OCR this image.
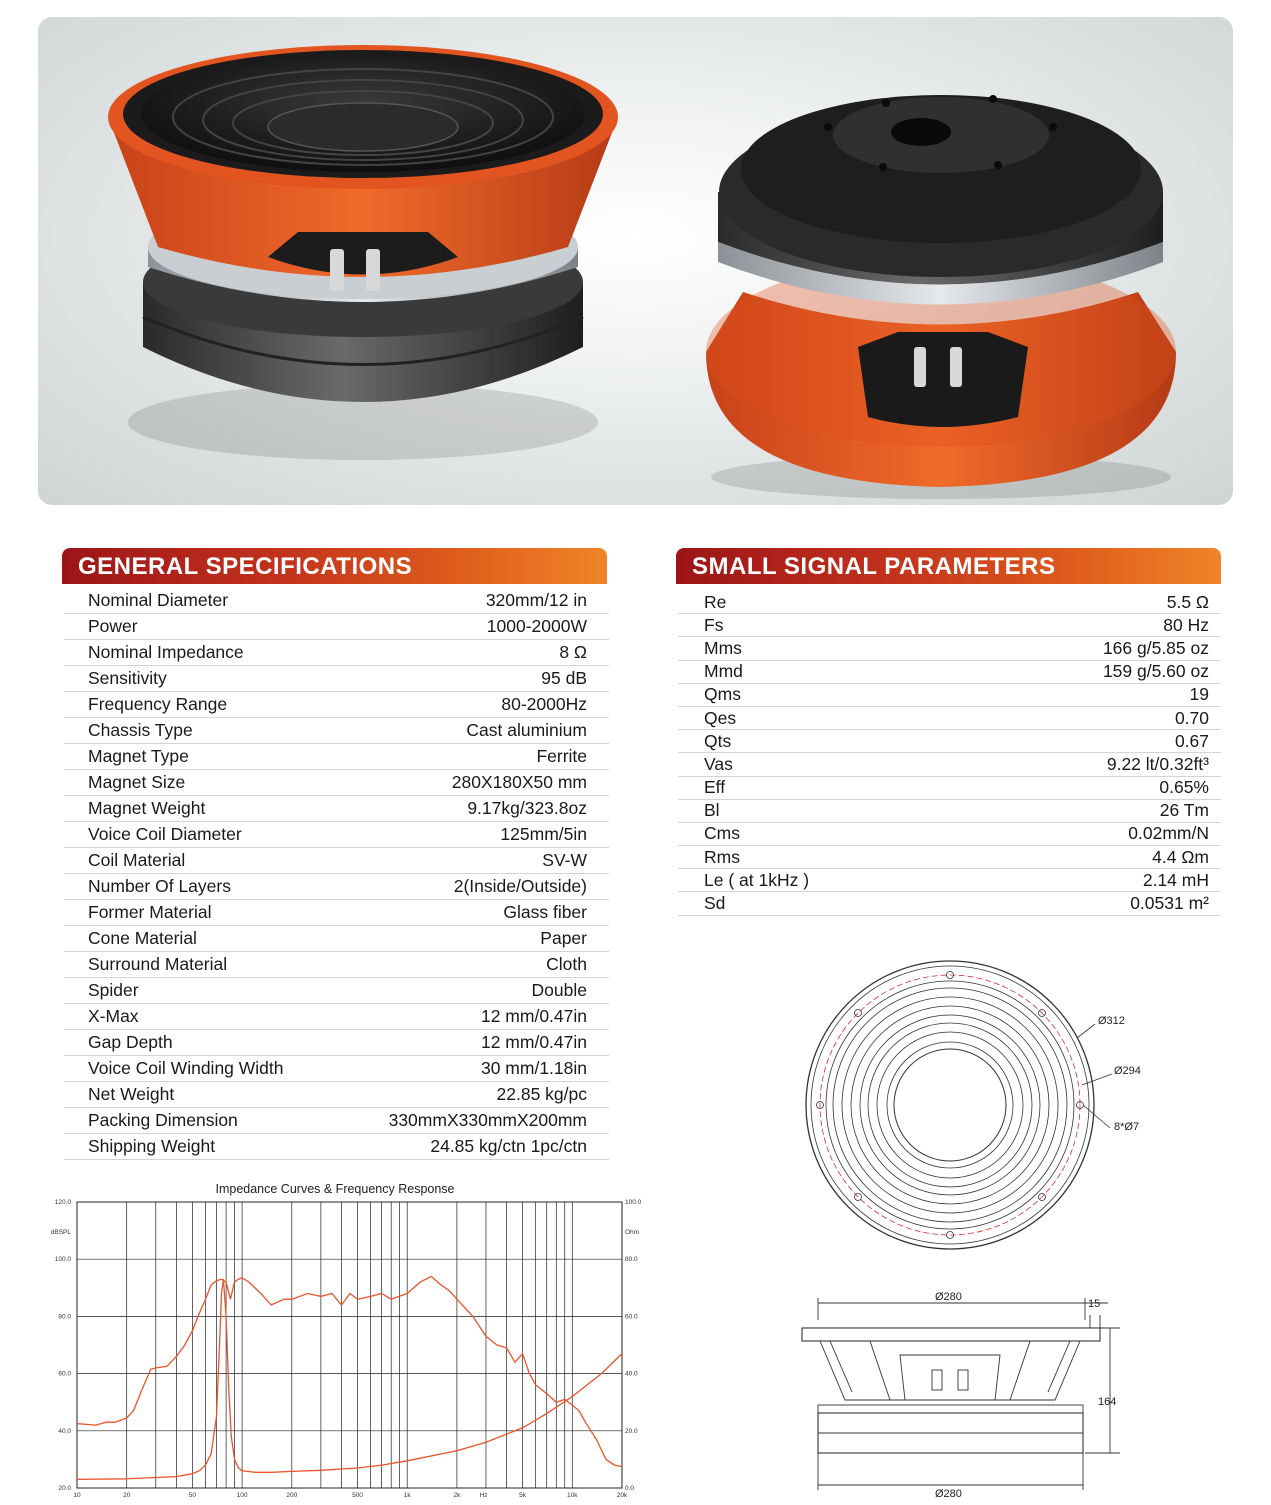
GENERAL SPECIFICATIONS
Nominal Diameter	320mm/12 in
Power	1000-2000W
Nominal Impedance	8 Ω
Sensitivity	95 dB
Frequency Range	80-2000Hz
Chassis Type	Cast aluminium
Magnet Type	Ferrite
Magnet Size	280X180X50 mm
Magnet Weight	9.17kg/323.8oz
Voice Coil Diameter	125mm/5in
Coil Material	SV-W
Number Of Layers	2(Inside/Outside)
Former Material	Glass fiber
Cone Material	Paper
Surround Material	Cloth
Spider	Double
X-Max	12 mm/0.47in
Gap Depth	12 mm/0.47in
Voice Coil Winding Width	30 mm/1.18in
Net Weight	22.85 kg/pc
Packing Dimension	330mmX330mmX200mm
Shipping Weight	24.85 kg/ctn 1pc/ctn
SMALL SIGNAL PARAMETERS
Re	5.5 Ω
Fs	80 Hz
Mms	166 g/5.85 oz
Mmd	159 g/5.60 oz
Qms	19
Qes	0.70
Qts	0.67
Vas	9.22 lt/0.32ft³
Eff	0.65%
Bl	26 Tm
Cms	0.02mm/N
Rms	4.4 Ωm
Le ( at 1kHz )	2.14 mH
Sd	0.0531 m²
Impedance Curves & Frequency Response
10	20	50	100	200	500	1k	2k	5k	10k	20k
Hz
20.0
40.0
60.0
80.0
100.0
120.0
0.0
20.0
40.0
60.0
80.0
100.0
dBSPL	Ohm
Ø312
Ø294
8*Ø7
Ø280
15
164
Ø280
